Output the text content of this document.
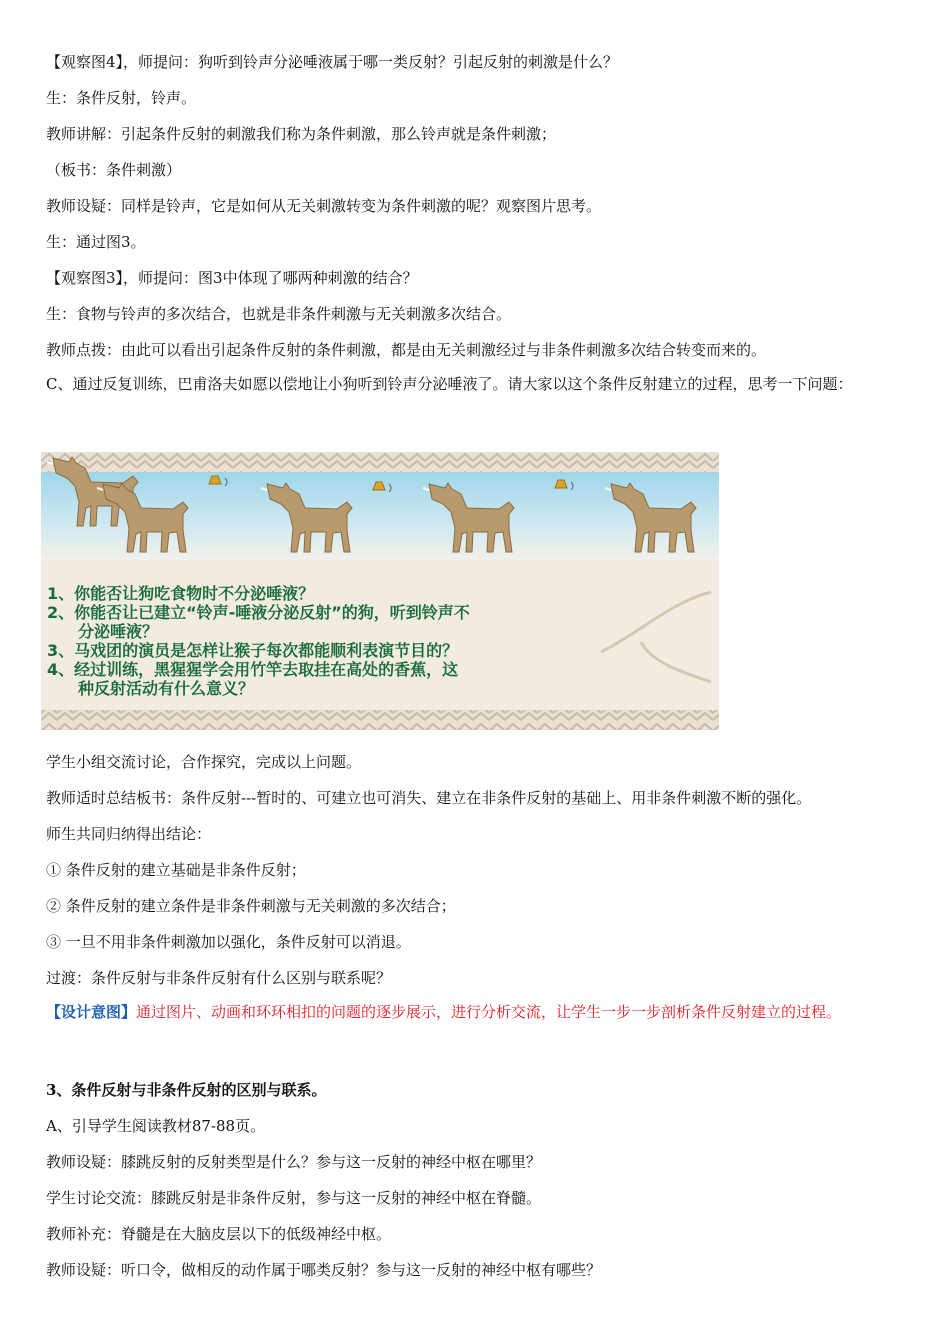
【观察图4】，师提问：狗听到铃声分泌唾液属于哪一类反射？引起反射的刺激是什么？
生：条件反射，铃声。
教师讲解：引起条件反射的刺激我们称为条件刺激，那么铃声就是条件刺激；
（板书：条件刺激）
教师设疑：同样是铃声，它是如何从无关刺激转变为条件刺激的呢？观察图片思考。
生：通过图3。
【观察图3】，师提问：图3中体现了哪两种刺激的结合？
生：食物与铃声的多次结合，也就是非条件刺激与无关刺激多次结合。
教师点拨：由此可以看出引起条件反射的条件刺激，都是由无关刺激经过与非条件刺激多次结合转变而来的。
C、通过反复训练，巴甫洛夫如愿以偿地让小狗听到铃声分泌唾液了。请大家以这个条件反射建立的过程，思考一下问题：
1、你能否让狗吃食物时不分泌唾液？
2、你能否让已建立“铃声-唾液分泌反射”的狗，听到铃声不
分泌唾液？
3、马戏团的演员是怎样让猴子每次都能顺利表演节目的？
4、经过训练，黑猩猩学会用竹竿去取挂在高处的香蕉，这
种反射活动有什么意义？
学生小组交流讨论，合作探究，完成以上问题。
教师适时总结板书：条件反射---暂时的、可建立也可消失、建立在非条件反射的基础上、用非条件刺激不断的强化。
师生共同归纳得出结论：
① 条件反射的建立基础是非条件反射；
② 条件反射的建立条件是非条件刺激与无关刺激的多次结合；
③ 一旦不用非条件刺激加以强化，条件反射可以消退。
过渡：条件反射与非条件反射有什么区别与联系呢？
【设计意图】通过图片、动画和环环相扣的问题的逐步展示，进行分析交流，让学生一步一步剖析条件反射建立的过程。
3、条件反射与非条件反射的区别与联系。
A、引导学生阅读教材87-88页。
教师设疑：膝跳反射的反射类型是什么？参与这一反射的神经中枢在哪里？
学生讨论交流：膝跳反射是非条件反射，参与这一反射的神经中枢在脊髓。
教师补充：脊髓是在大脑皮层以下的低级神经中枢。
教师设疑：听口令，做相反的动作属于哪类反射？参与这一反射的神经中枢有哪些？
